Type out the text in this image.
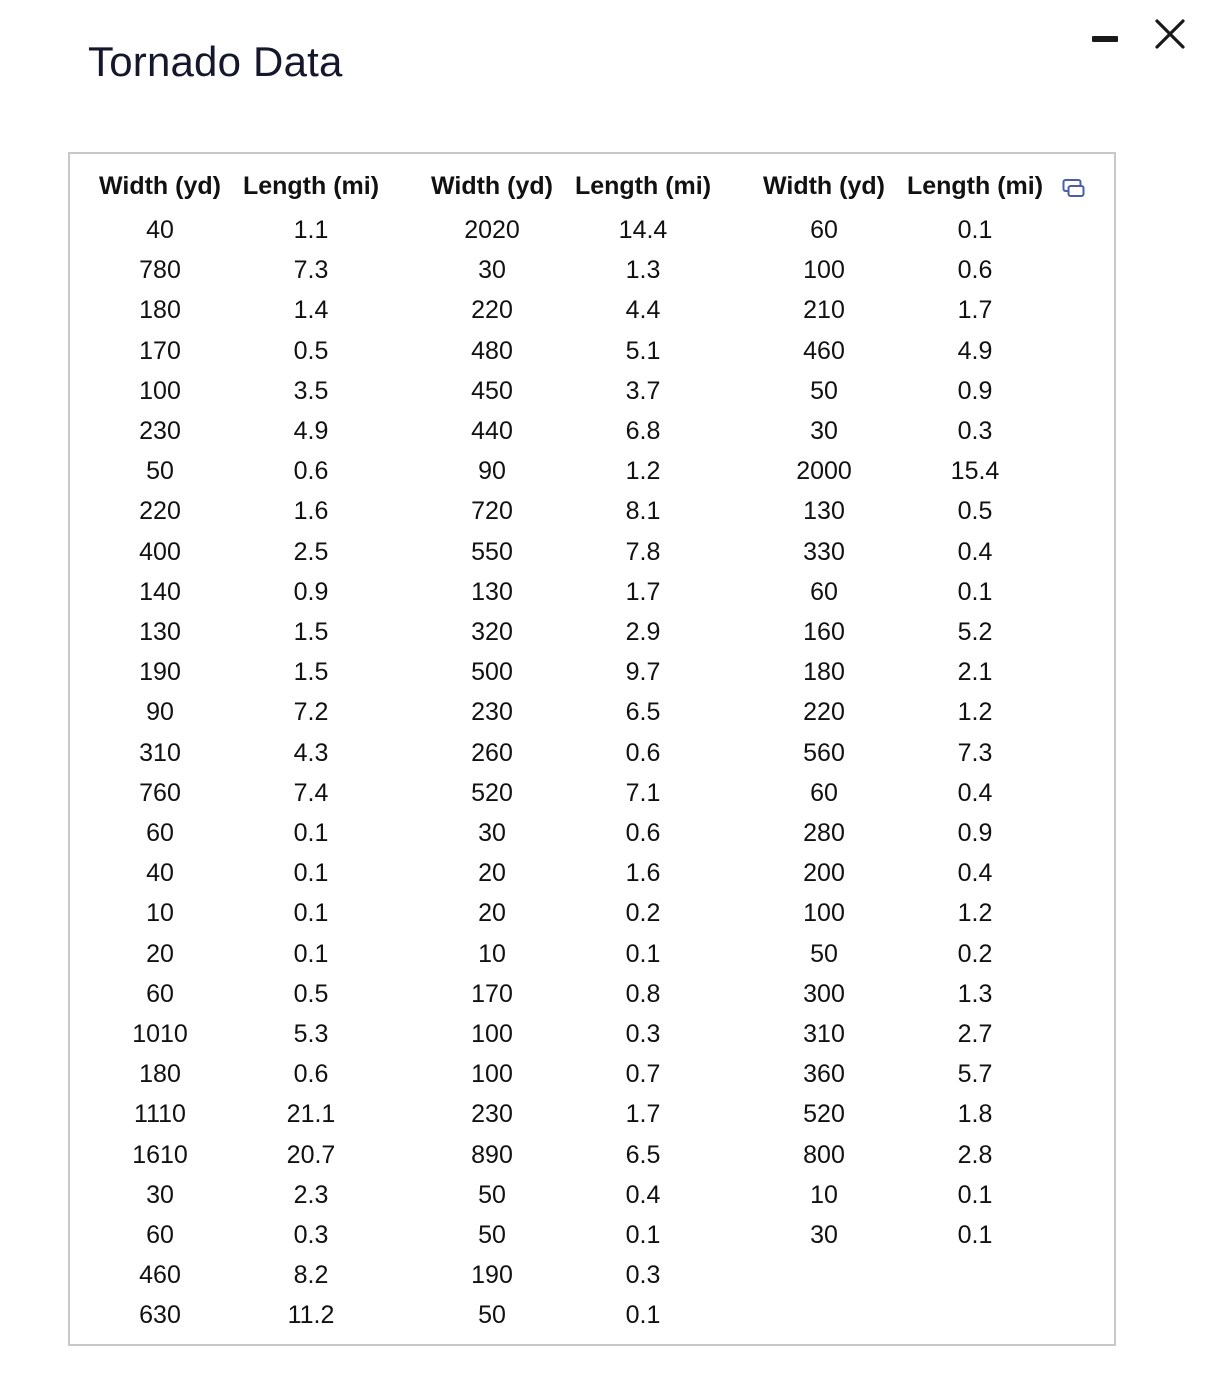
Tornado Data
Width (yd) Length (mi)
40	1.1
780	7.3
180	1.4
170	0.5
100	3.5
230	4.9
50	0.6
220	1.6
400	2.5
140	0.9
130	1.5
190	1.5
90	7.2
310	4.3
760	7.4
60	0.1
40	0.1
10	0.1
20	0.1
60	0.5
1010	5.3
180	0.6
1110	21.1
1610	20.7
30	2.3
60	0.3
460	8.2
630	11.2
Width (yd) Length (mi)
2020	14.4
30	1.3
220	4.4
480	5.1
450	3.7
440	6.8
90	1.2
720	8.1
550	7.8
130	1.7
320	2.9
500	9.7
230	6.5
260	0.6
520	7.1
30	0.6
20	1.6
20	0.2
10	0.1
170	0.8
100	0.3
100	0.7
230	1.7
890	6.5
50	0.4
50	0.1
190	0.3
50	0.1
Width (yd) Length (mi)
60	0.1
100	0.6
210	1.7
460	4.9
50	0.9
30	0.3
2000	15.4
130	0.5
330	0.4
60	0.1
160	5.2
180	2.1
220	1.2
560	7.3
60	0.4
280	0.9
200	0.4
100	1.2
50	0.2
300	1.3
310	2.7
360	5.7
520	1.8
800	2.8
10	0.1
30	0.1
